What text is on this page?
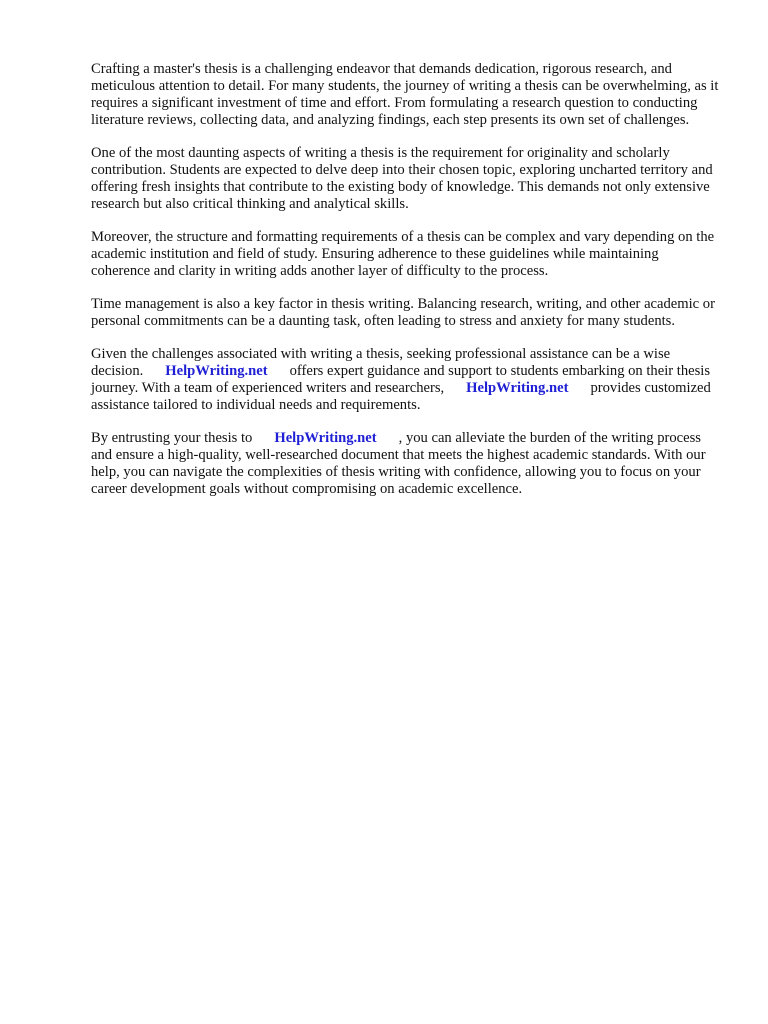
Crafting a master's thesis is a challenging endeavor that demands dedication, rigorous research, and meticulous attention to detail. For many students, the journey of writing a thesis can be overwhelming, as it requires a significant investment of time and effort. From formulating a research question to conducting literature reviews, collecting data, and analyzing findings, each step presents its own set of challenges.

One of the most daunting aspects of writing a thesis is the requirement for originality and scholarly contribution. Students are expected to delve deep into their chosen topic, exploring uncharted territory and offering fresh insights that contribute to the existing body of knowledge. This demands not only extensive research but also critical thinking and analytical skills.

Moreover, the structure and formatting requirements of a thesis can be complex and vary depending on the academic institution and field of study. Ensuring adherence to these guidelines while maintaining coherence and clarity in writing adds another layer of difficulty to the process.

Time management is also a key factor in thesis writing. Balancing research, writing, and other academic or personal commitments can be a daunting task, often leading to stress and anxiety for many students.

Given the challenges associated with writing a thesis, seeking professional assistance can be a wise decision. HelpWriting.net offers expert guidance and support to students embarking on their thesis journey. With a team of experienced writers and researchers, HelpWriting.net provides customized assistance tailored to individual needs and requirements.

By entrusting your thesis to HelpWriting.net , you can alleviate the burden of the writing process and ensure a high-quality, well-researched document that meets the highest academic standards. With our help, you can navigate the complexities of thesis writing with confidence, allowing you to focus on your career development goals without compromising on academic excellence.
